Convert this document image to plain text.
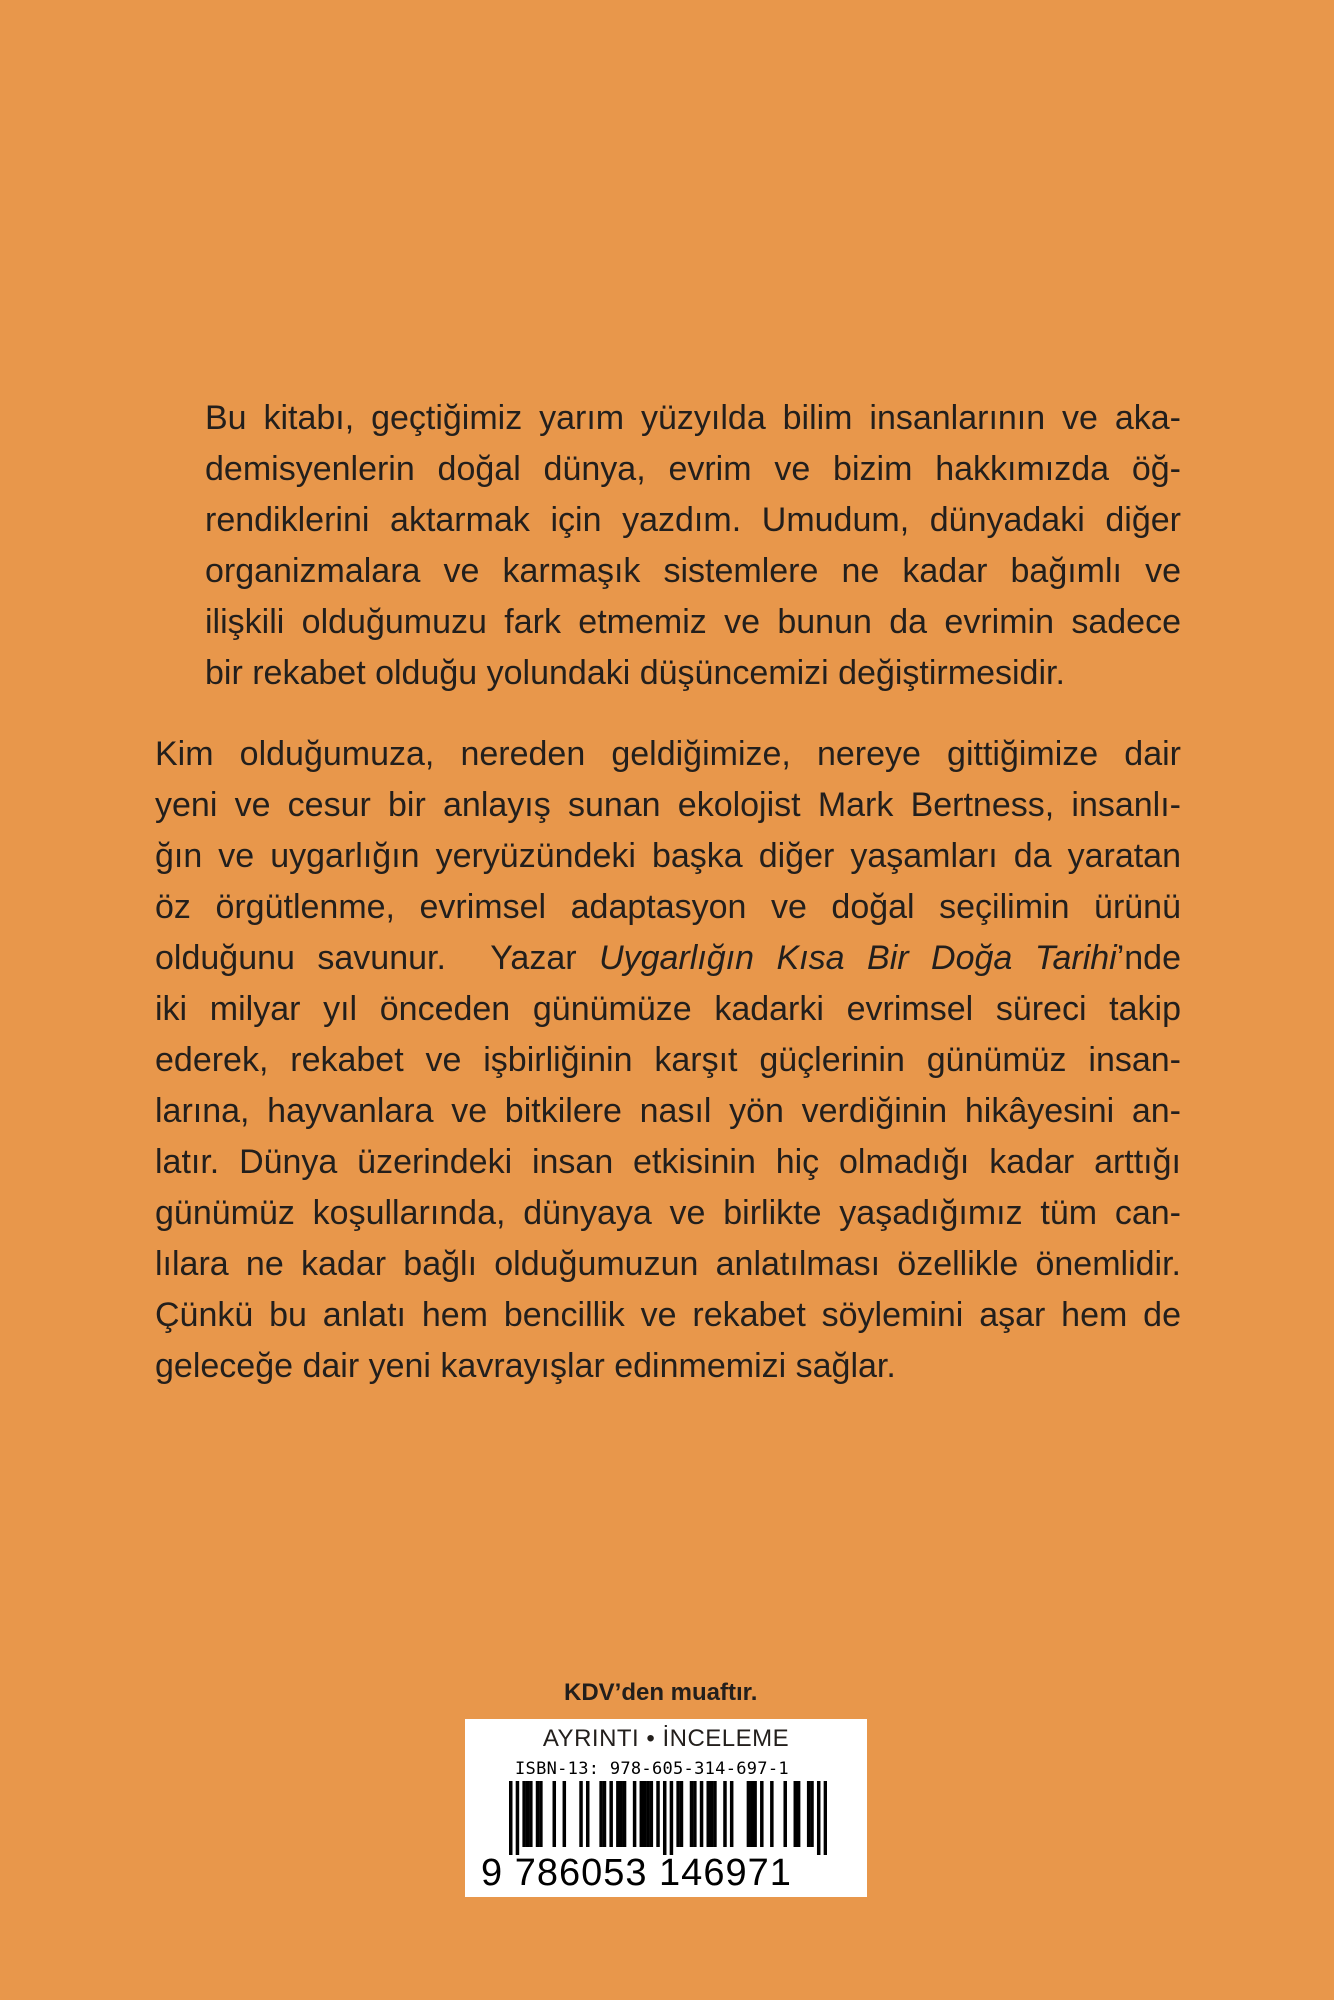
Bu kitabı, geçtiğimiz yarım yüzyılda bilim insanlarının ve aka-
demisyenlerin doğal dünya, evrim ve bizim hakkımızda öğ-
rendiklerini aktarmak için yazdım. Umudum, dünyadaki diğer
organizmalara ve karmaşık sistemlere ne kadar bağımlı ve
ilişkili olduğumuzu fark etmemiz ve bunun da evrimin sadece
bir rekabet olduğu yolundaki düşüncemizi değiştirmesidir.
Kim olduğumuza, nereden geldiğimize, nereye gittiğimize dair
yeni ve cesur bir anlayış sunan ekolojist Mark Bertness, insanlı-
ğın ve uygarlığın yeryüzündeki başka diğer yaşamları da yaratan
öz örgütlenme, evrimsel adaptasyon ve doğal seçilimin ürünü
olduğunu savunur.  Yazar Uygarlığın Kısa Bir Doğa Tarihi’nde
iki milyar yıl önceden günümüze kadarki evrimsel süreci takip
ederek, rekabet ve işbirliğinin karşıt güçlerinin günümüz insan-
larına, hayvanlara ve bitkilere nasıl yön verdiğinin hikâyesini an-
latır. Dünya üzerindeki insan etkisinin hiç olmadığı kadar arttığı
günümüz koşullarında, dünyaya ve birlikte yaşadığımız tüm can-
lılara ne kadar bağlı olduğumuzun anlatılması özellikle önemlidir.
Çünkü bu anlatı hem bencillik ve rekabet söylemini aşar hem de
geleceğe dair yeni kavrayışlar edinmemizi sağlar.
KDV’den muaftır.
AYRINTI • İNCELEME
ISBN-13: 978-605-314-697-1
9 786053 146971
